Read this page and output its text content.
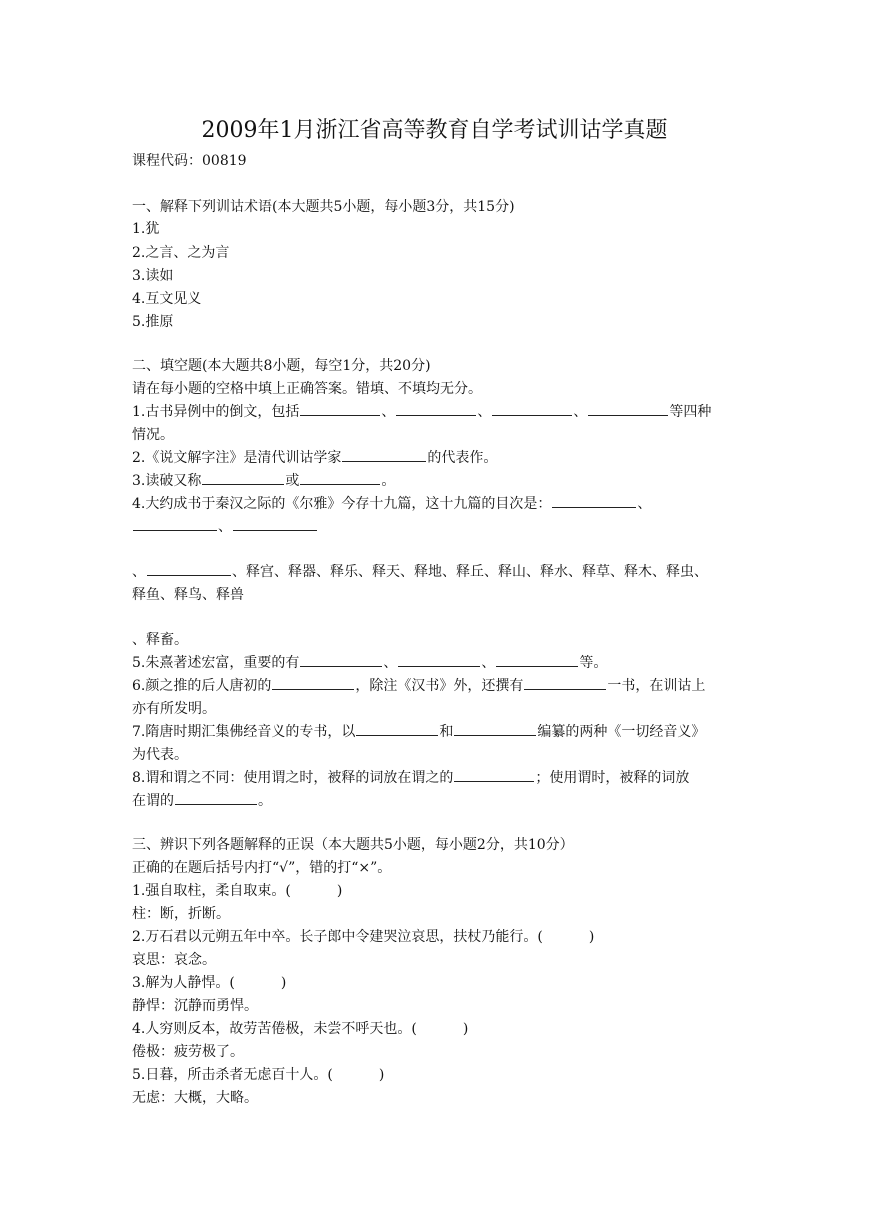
2009年1月浙江省高等教育自学考试训诂学真题
课程代码：00819
一、解释下列训诂术语(本大题共5小题，每小题3分，共15分)
1.犹
2.之言、之为言
3.读如
4.互文见义
5.推原
二、填空题(本大题共8小题，每空1分，共20分)
请在每小题的空格中填上正确答案。错填、不填均无分。
1.古书异例中的倒文，包括	、	、	、	等四种
情况。
2.《说文解字注》是清代训诂学家	的代表作。
3.读破又称	或	。
4.大约成书于秦汉之际的《尔雅》今存十九篇，这十九篇的目次是：	、
、
、	、释宫、释器、释乐、释天、释地、释丘、释山、释水、释草、释木、释虫、
释鱼、释鸟、释兽
、释畜。
5.朱熹著述宏富，重要的有	、	、	等。
6.颜之推的后人唐初的	，除注《汉书》外，还撰有	一书，在训诂上
亦有所发明。
7.隋唐时期汇集佛经音义的专书，以	和	编纂的两种《一切经音义》
为代表。
8.谓和谓之不同：使用谓之时，被释的词放在谓之的	；使用谓时，被释的词放
在谓的	。
三、辨识下列各题解释的正误（本大题共5小题，每小题2分，共10分）
正确的在题后括号内打“√”，错的打“×”。
1.强自取柱，柔自取束。(	)
柱：断，折断。
2.万石君以元朔五年中卒。长子郎中令建哭泣哀思，扶杖乃能行。(	)
哀思：哀念。
3.解为人静悍。(	)
静悍：沉静而勇悍。
4.人穷则反本，故劳苦倦极，未尝不呼天也。(	)
倦极：疲劳极了。
5.日暮，所击杀者无虑百十人。(	)
无虑：大概，大略。
